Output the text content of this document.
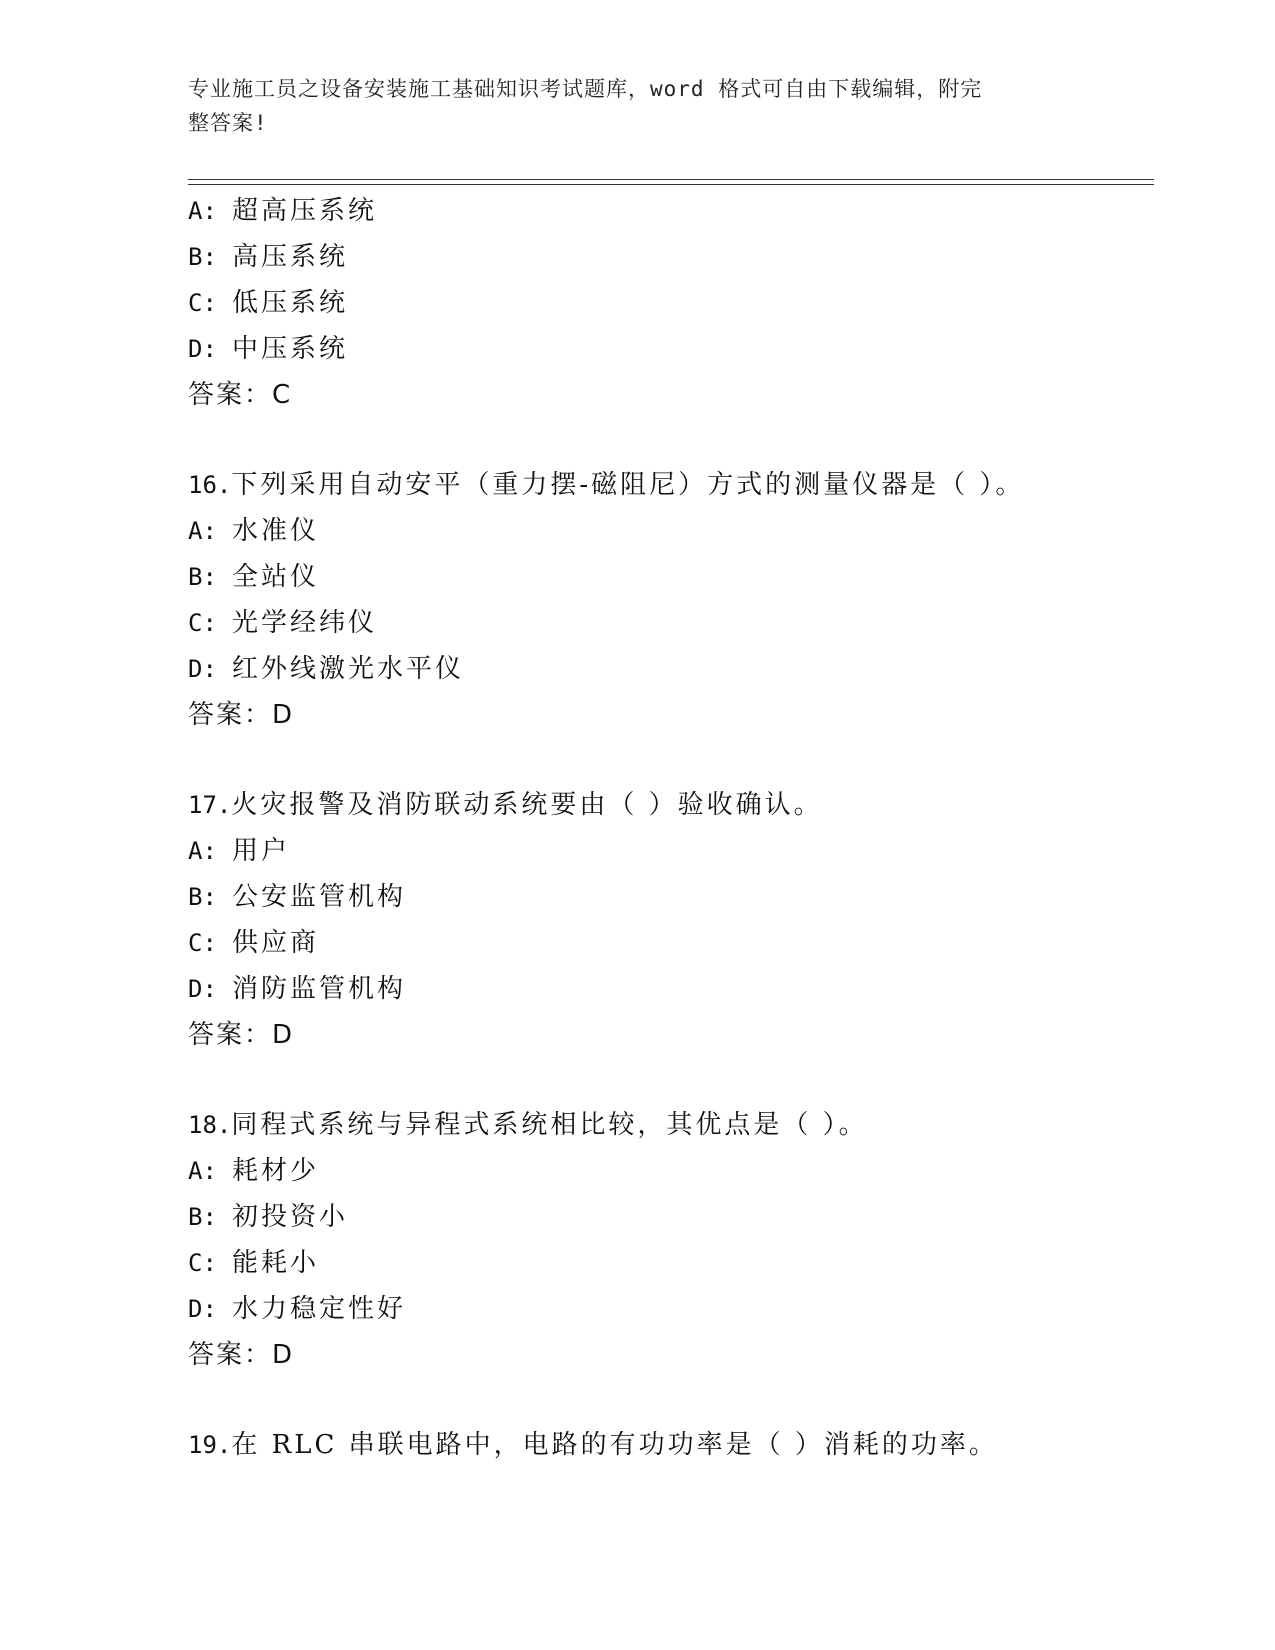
专业施工员之设备安装施工基础知识考试题库，word 格式可自由下载编辑，附完
整答案!
A: 超高压系统
B: 高压系统
C: 低压系统
D: 中压系统
答案：C
16.下列采用自动安平（重力摆-磁阻尼）方式的测量仪器是（ ）。
A: 水准仪
B: 全站仪
C: 光学经纬仪
D: 红外线激光水平仪
答案：D
17.火灾报警及消防联动系统要由（ ）验收确认。
A: 用户
B: 公安监管机构
C: 供应商
D: 消防监管机构
答案：D
18.同程式系统与异程式系统相比较，其优点是（ ）。
A: 耗材少
B: 初投资小
C: 能耗小
D: 水力稳定性好
答案：D
19.在 RLC 串联电路中，电路的有功功率是（ ）消耗的功率。
